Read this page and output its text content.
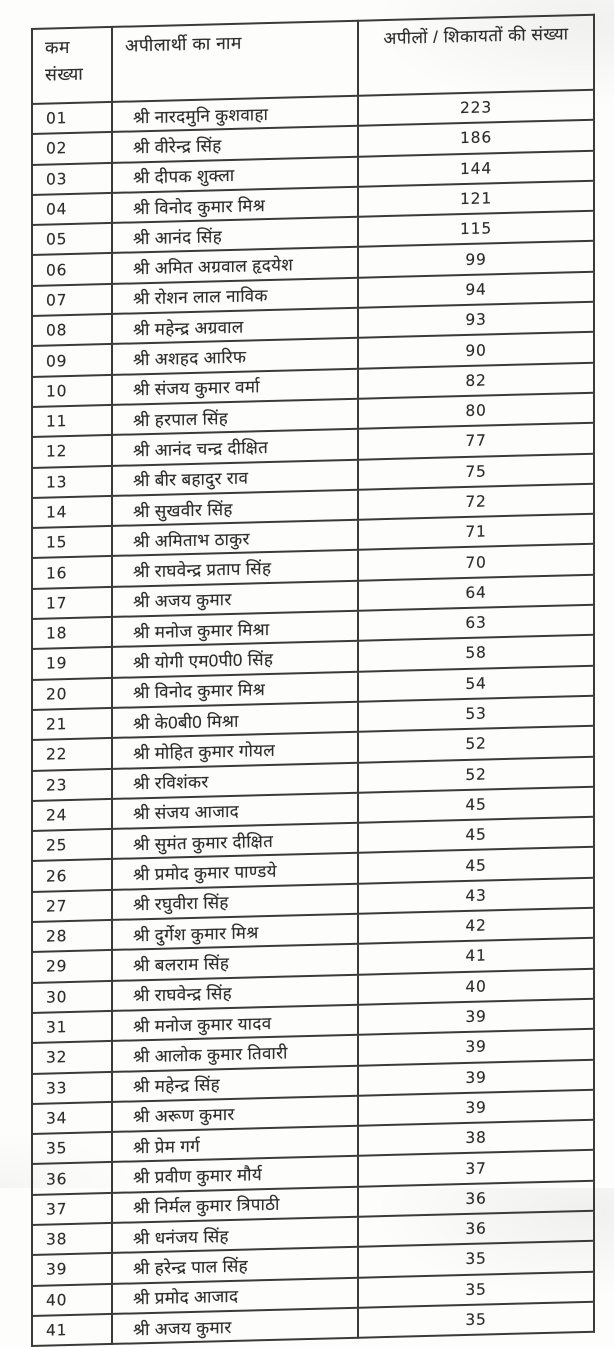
कम संख्या	अपीलार्थी का नाम	अपीलों / शिकायतों की संख्या
01	श्री नारदमुनि कुशवाहा	223
02	श्री वीरेन्द्र सिंह	186
03	श्री दीपक शुक्ला	144
04	श्री विनोद कुमार मिश्र	121
05	श्री आनंद सिंह	115
06	श्री अमित अग्रवाल हृदयेश	99
07	श्री रोशन लाल नाविक	94
08	श्री महेन्द्र अग्रवाल	93
09	श्री अशहद आरिफ	90
10	श्री संजय कुमार वर्मा	82
11	श्री हरपाल सिंह	80
12	श्री आनंद चन्द्र दीक्षित	77
13	श्री बीर बहादुर राव	75
14	श्री सुखवीर सिंह	72
15	श्री अमिताभ ठाकुर	71
16	श्री राघवेन्द्र प्रताप सिंह	70
17	श्री अजय कुमार	64
18	श्री मनोज कुमार मिश्रा	63
19	श्री योगी एम0पी0 सिंह	58
20	श्री विनोद कुमार मिश्र	54
21	श्री के0बी0 मिश्रा	53
22	श्री मोहित कुमार गोयल	52
23	श्री रविशंकर	52
24	श्री संजय आजाद	45
25	श्री सुमंत कुमार दीक्षित	45
26	श्री प्रमोद कुमार पाण्डये	45
27	श्री रघुवीरा सिंह	43
28	श्री दुर्गेश कुमार मिश्र	42
29	श्री बलराम सिंह	41
30	श्री राघवेन्द्र सिंह	40
31	श्री मनोज कुमार यादव	39
32	श्री आलोक कुमार तिवारी	39
33	श्री महेन्द्र सिंह	39
34	श्री अरूण कुमार	39
35	श्री प्रेम गर्ग	38
36	श्री प्रवीण कुमार मौर्य	37
37	श्री निर्मल कुमार त्रिपाठी	36
38	श्री धनंजय सिंह	36
39	श्री हरेन्द्र पाल सिंह	35
40	श्री प्रमोद आजाद	35
41	श्री अजय कुमार	35
